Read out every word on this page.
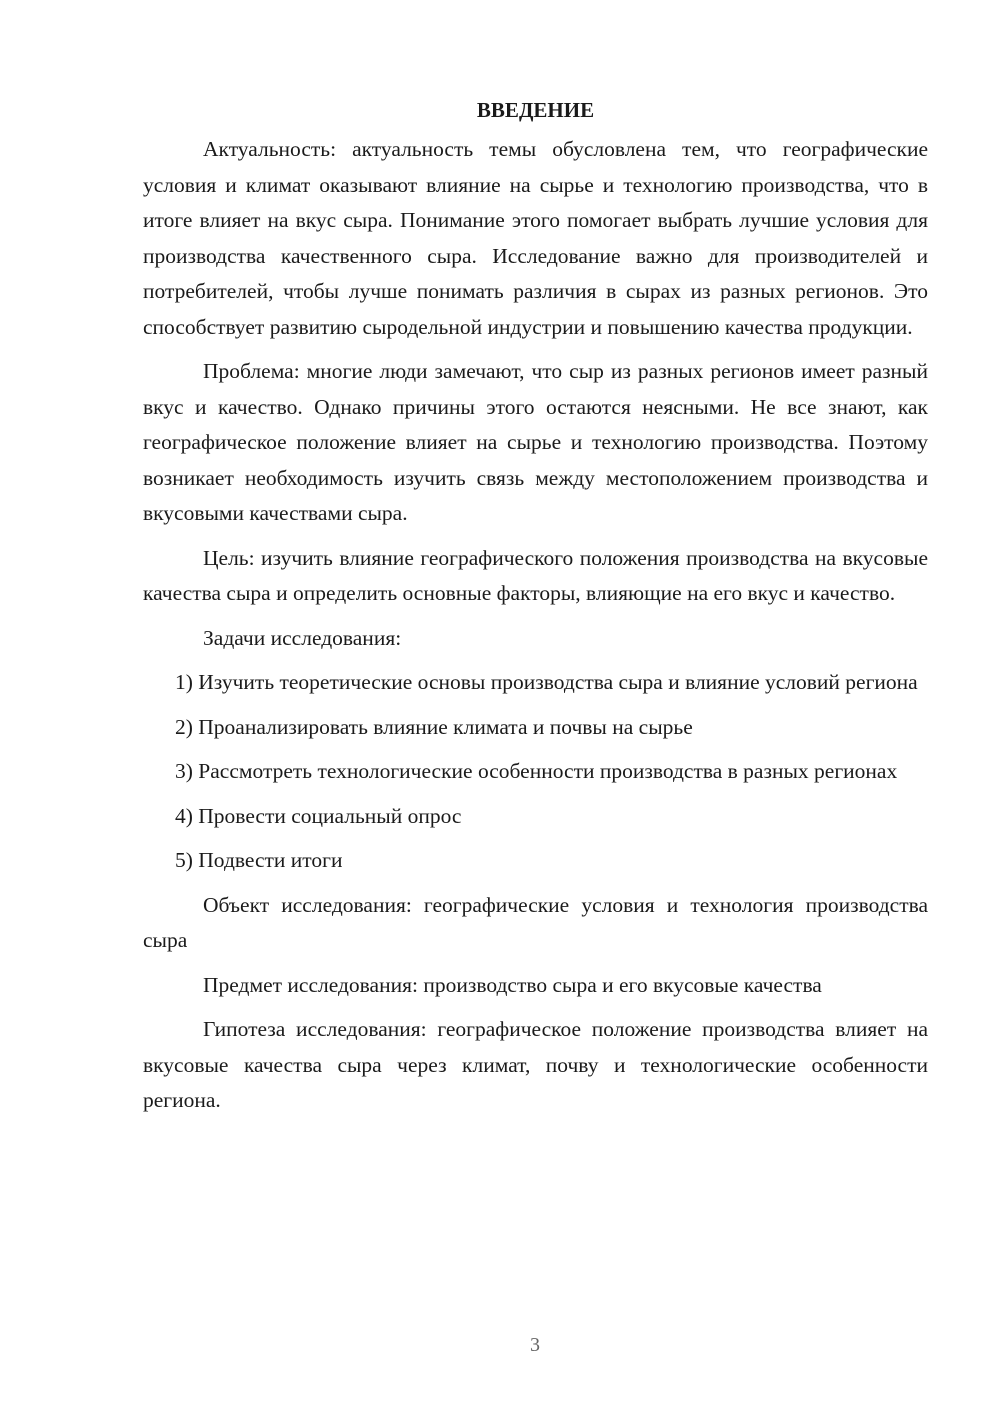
ВВЕДЕНИЕ

Актуальность: актуальность темы обусловлена тем, что географические условия и климат оказывают влияние на сырье и технологию производства, что в итоге влияет на вкус сыра. Понимание этого помогает выбрать лучшие условия для производства качественного сыра. Исследование важно для производителей и потребителей, чтобы лучше понимать различия в сырах из разных регионов. Это способствует развитию сыродельной индустрии и повышению качества продукции.

Проблема: многие люди замечают, что сыр из разных регионов имеет разный вкус и качество. Однако причины этого остаются неясными. Не все знают, как географическое положение влияет на сырье и технологию производства. Поэтому возникает необходимость изучить связь между местоположением производства и вкусовыми качествами сыра.

Цель: изучить влияние географического положения производства на вкусовые качества сыра и определить основные факторы, влияющие на его вкус и качество.

Задачи исследования:

1) Изучить теоретические основы производства сыра и влияние условий региона

2) Проанализировать влияние климата и почвы на сырье

3) Рассмотреть технологические особенности производства в разных регионах

4) Провести социальный опрос

5) Подвести итоги

Объект исследования: географические условия и технология производства сыра

Предмет исследования: производство сыра и его вкусовые качества

Гипотеза исследования: географическое положение производства влияет на вкусовые качества сыра через климат, почву и технологические особенности региона.

3
